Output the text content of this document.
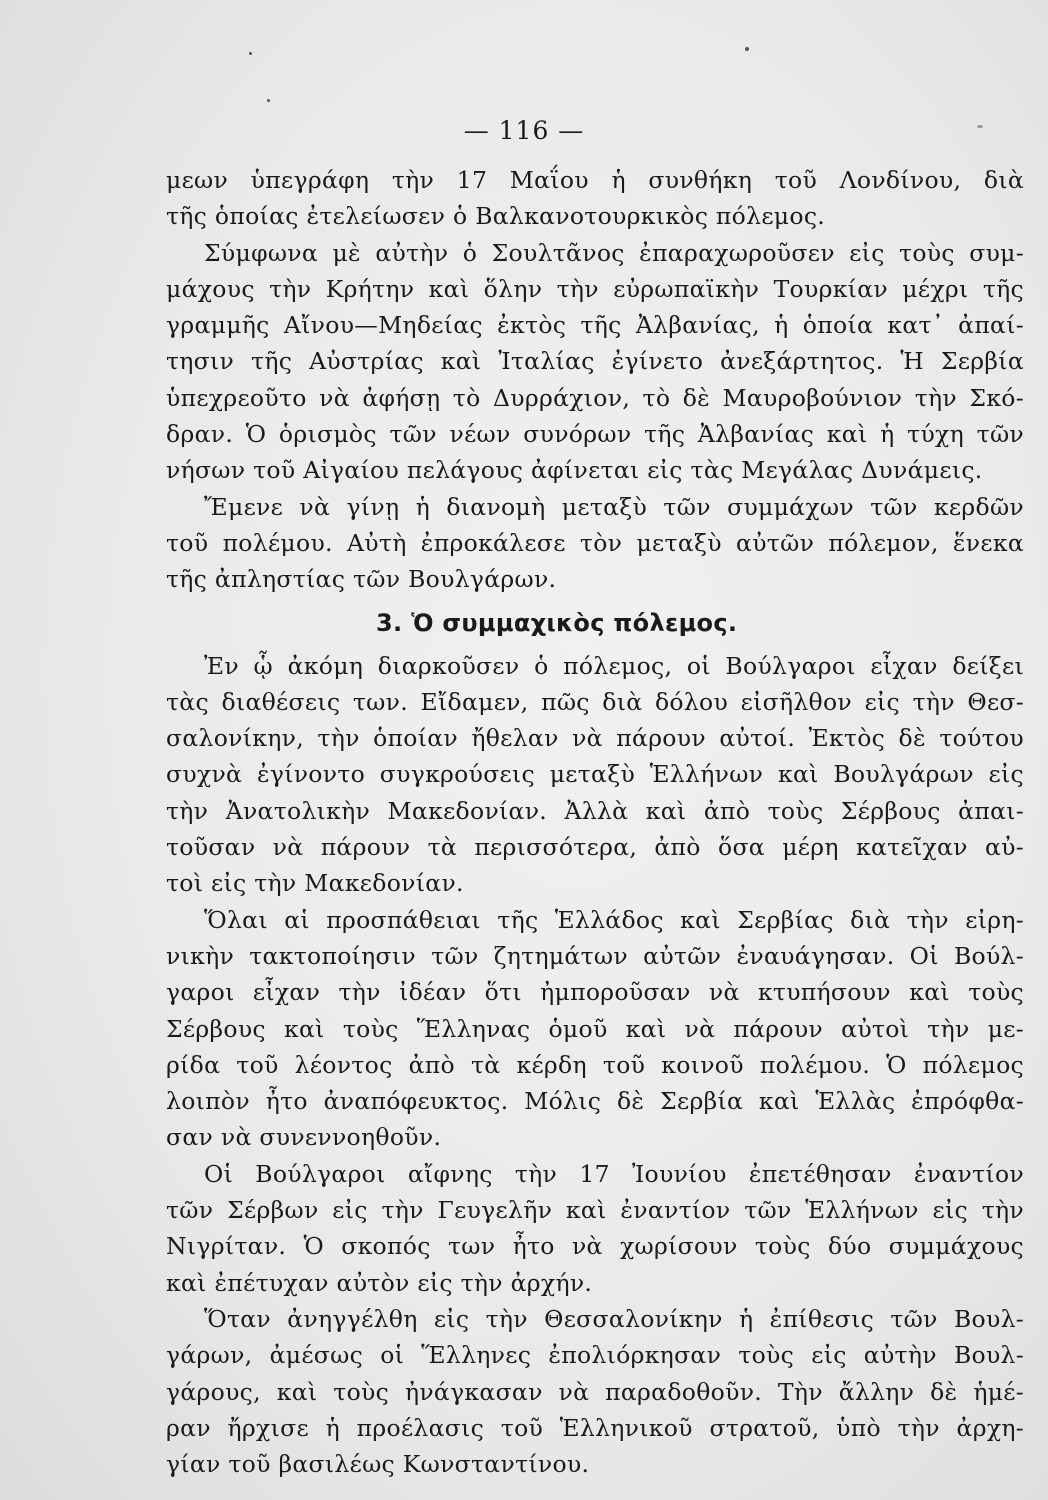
— 116 —
μεων ὑπεγράφη τὴν 17 Μαΐου ἡ συνθήκη τοῦ Λονδίνου, διὰ
τῆς ὁποίας ἐτελείωσεν ὁ Βαλκανοτουρκικὸς πόλεμος.
Σύμφωνα μὲ αὐτὴν ὁ Σουλτᾶνος ἐπαραχωροῦσεν εἰς τοὺς συμ-
μάχους τὴν Κρήτην καὶ ὅλην τὴν εὐρωπαϊκὴν Τουρκίαν μέχρι τῆς
γραμμῆς Αἴνου—Μηδείας ἐκτὸς τῆς Ἀλβανίας, ἡ ὁποία κατ᾿ ἀπαί-
τησιν τῆς Αὐστρίας καὶ Ἰταλίας ἐγίνετο ἀνεξάρτητος. Ἡ Σερβία
ὑπεχρεοῦτο νὰ ἀφήσῃ τὸ Δυρράχιον, τὸ δὲ Μαυροβούνιον τὴν Σκό-
δραν. Ὁ ὁρισμὸς τῶν νέων συνόρων τῆς Ἀλβανίας καὶ ἡ τύχη τῶν
νήσων τοῦ Αἰγαίου πελάγους ἀφίνεται εἰς τὰς Μεγάλας Δυνάμεις.
Ἔμενε νὰ γίνῃ ἡ διανομὴ μεταξὺ τῶν συμμάχων τῶν κερδῶν
τοῦ πολέμου. Αὐτὴ ἐπροκάλεσε τὸν μεταξὺ αὐτῶν πόλεμον, ἕνεκα
τῆς ἀπληστίας τῶν Βουλγάρων.
3. Ὁ συμμαχικὸς πόλεμος.
Ἐν ᾧ ἀκόμη διαρκοῦσεν ὁ πόλεμος, οἱ Βούλγαροι εἶχαν δείξει
τὰς διαθέσεις των. Εἴδαμεν, πῶς διὰ δόλου εἰσῆλθον εἰς τὴν Θεσ-
σαλονίκην, τὴν ὁποίαν ἤθελαν νὰ πάρουν αὐτοί. Ἐκτὸς δὲ τούτου
συχνὰ ἐγίνοντο συγκρούσεις μεταξὺ Ἑλλήνων καὶ Βουλγάρων εἰς
τὴν Ἀνατολικὴν Μακεδονίαν. Ἀλλὰ καὶ ἀπὸ τοὺς Σέρβους ἀπαι-
τοῦσαν νὰ πάρουν τὰ περισσότερα, ἀπὸ ὅσα μέρη κατεῖχαν αὐ-
τοὶ εἰς τὴν Μακεδονίαν.
Ὅλαι αἱ προσπάθειαι τῆς Ἑλλάδος καὶ Σερβίας διὰ τὴν εἰρη-
νικὴν τακτοποίησιν τῶν ζητημάτων αὐτῶν ἐναυάγησαν. Οἱ Βούλ-
γαροι εἶχαν τὴν ἰδέαν ὅτι ἠμποροῦσαν νὰ κτυπήσουν καὶ τοὺς
Σέρβους καὶ τοὺς Ἕλληνας ὁμοῦ καὶ νὰ πάρουν αὐτοὶ τὴν με-
ρίδα τοῦ λέοντος ἀπὸ τὰ κέρδη τοῦ κοινοῦ πολέμου. Ὁ πόλεμος
λοιπὸν ἦτο ἀναπόφευκτος. Μόλις δὲ Σερβία καὶ Ἑλλὰς ἐπρόφθα-
σαν νὰ συνεννοηθοῦν.
Οἱ Βούλγαροι αἴφνης τὴν 17 Ἰουνίου ἐπετέθησαν ἐναντίον
τῶν Σέρβων εἰς τὴν Γευγελῆν καὶ ἐναντίον τῶν Ἑλλήνων εἰς τὴν
Νιγρίταν. Ὁ σκοπός των ἦτο νὰ χωρίσουν τοὺς δύο συμμάχους
καὶ ἐπέτυχαν αὐτὸν εἰς τὴν ἀρχήν.
Ὅταν ἀνηγγέλθη εἰς τὴν Θεσσαλονίκην ἡ ἐπίθεσις τῶν Βουλ-
γάρων, ἀμέσως οἱ Ἕλληνες ἐπολιόρκησαν τοὺς εἰς αὐτὴν Βουλ-
γάρους, καὶ τοὺς ἠνάγκασαν νὰ παραδοθοῦν. Τὴν ἄλλην δὲ ἡμέ-
ραν ἤρχισε ἡ προέλασις τοῦ Ἑλληνικοῦ στρατοῦ, ὑπὸ τὴν ἀρχη-
γίαν τοῦ βασιλέως Κωνσταντίνου.
